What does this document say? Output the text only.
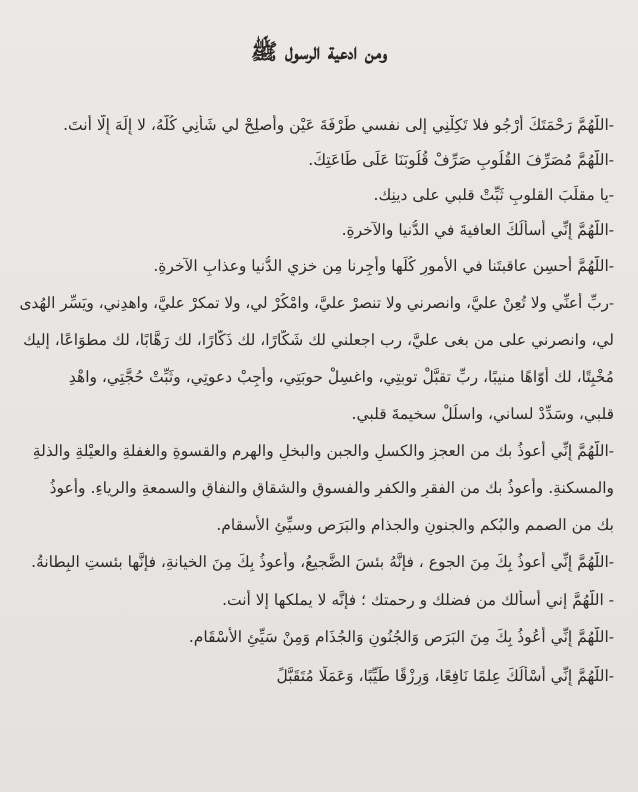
ومن ادعية الرسول ﷺ
-اللَّهُمَّ رَحْمَتَكَ أَرْجُو فلا تَكِلْنِي إلى نفسي طَرْفَةَ عَيْنٍ وأَصلِحْ لي شَأْنِي كُلَّهُ، لا إِلَهَ إِلَّا أَنتَ.
-اللَّهُمَّ مُصَرِّفَ القُلُوبِ صَرِّفْ قُلُوبَنَا عَلَى طَاعَتِكَ.
-يا مقلِّبَ القلوبِ ثَبِّتْ قلبي على دينِك.
-اللَّهُمَّ إِنِّي أَسأَلُكَ العافيةَ في الدُّنيا والآخرةِ.
-اللَّهُمَّ أحسِن عاقبتَنا في الأمورِ كُلِّها وأجِرنا مِن خزيِ الدُّنيا وعذابِ الآخرةِ.
-ربِّ أَعنِّي ولا تُعِنْ عليَّ، وانصرني ولا تنصرْ عليَّ، وامْكُرْ لي، ولا تمكرْ عليَّ، واهدِني، ويَسِّر الهُدى
لي، وانصرني على من بغى عليَّ، رب اجعلني لك شَكَّارًا، لك ذَكَّارًا، لك رَهَّابًا، لك مطوَاعًا، إليك
مُخْبِتًا، لك أوّاهًا منيبًا، ربِّ تقبَّلْ توبتِي، واغسِلْ حوبَتِي، وأَجِبْ دعوتِي، وثَبِّتْ حُجَّتِي، واهْدِ
قلبي، وسَدِّدْ لساني، واسلُلْ سخيمةَ قلبي.
-اللَّهُمَّ إِنِّي أعوذُ بك من العجزِ والكسلِ والجبنِ والبخلِ والهرمِ والقسوةِ والغفلةِ والعيْلةِ والذلةِ
والمسكنةِ. وأعوذُ بك من الفقرِ والكفرِ والفسوقِ والشقاقِ والنفاقِ والسمعةِ والرياءِ. وأعوذُ
بك من الصممِ والبُكمِ والجنونِ والجذامِ والبَرَصِ وسيِّئِ الأسقامِ.
-اللَّهُمَّ إِنِّي أعوذُ بِكَ مِنَ الجوعِ ، فإنَّهُ بئسَ الضَّجيعُ، وأعوذُ بِكَ مِنَ الخيانةِ، فإنَّها بئستِ البِطانةُ.
- اللَّهُمَّ إني أسألك من فضلك و رحمتك ؛ فإنَّه لا يملكها إلا أنت.
-اللَّهُمَّ إِنِّي أَعُوذُ بِكَ مِنَ البَرَصِ وَالجُنُونِ وَالجُذَامِ وَمِنْ سَيِّئِ الأَسْقَامِ.
-اللَّهُمَّ إِنِّي أَسْأَلُكَ عِلمًا نَافِعًا، وَرِزْقًا طَيِّبًا، وَعَمَلًا مُتَقَبَّلً
